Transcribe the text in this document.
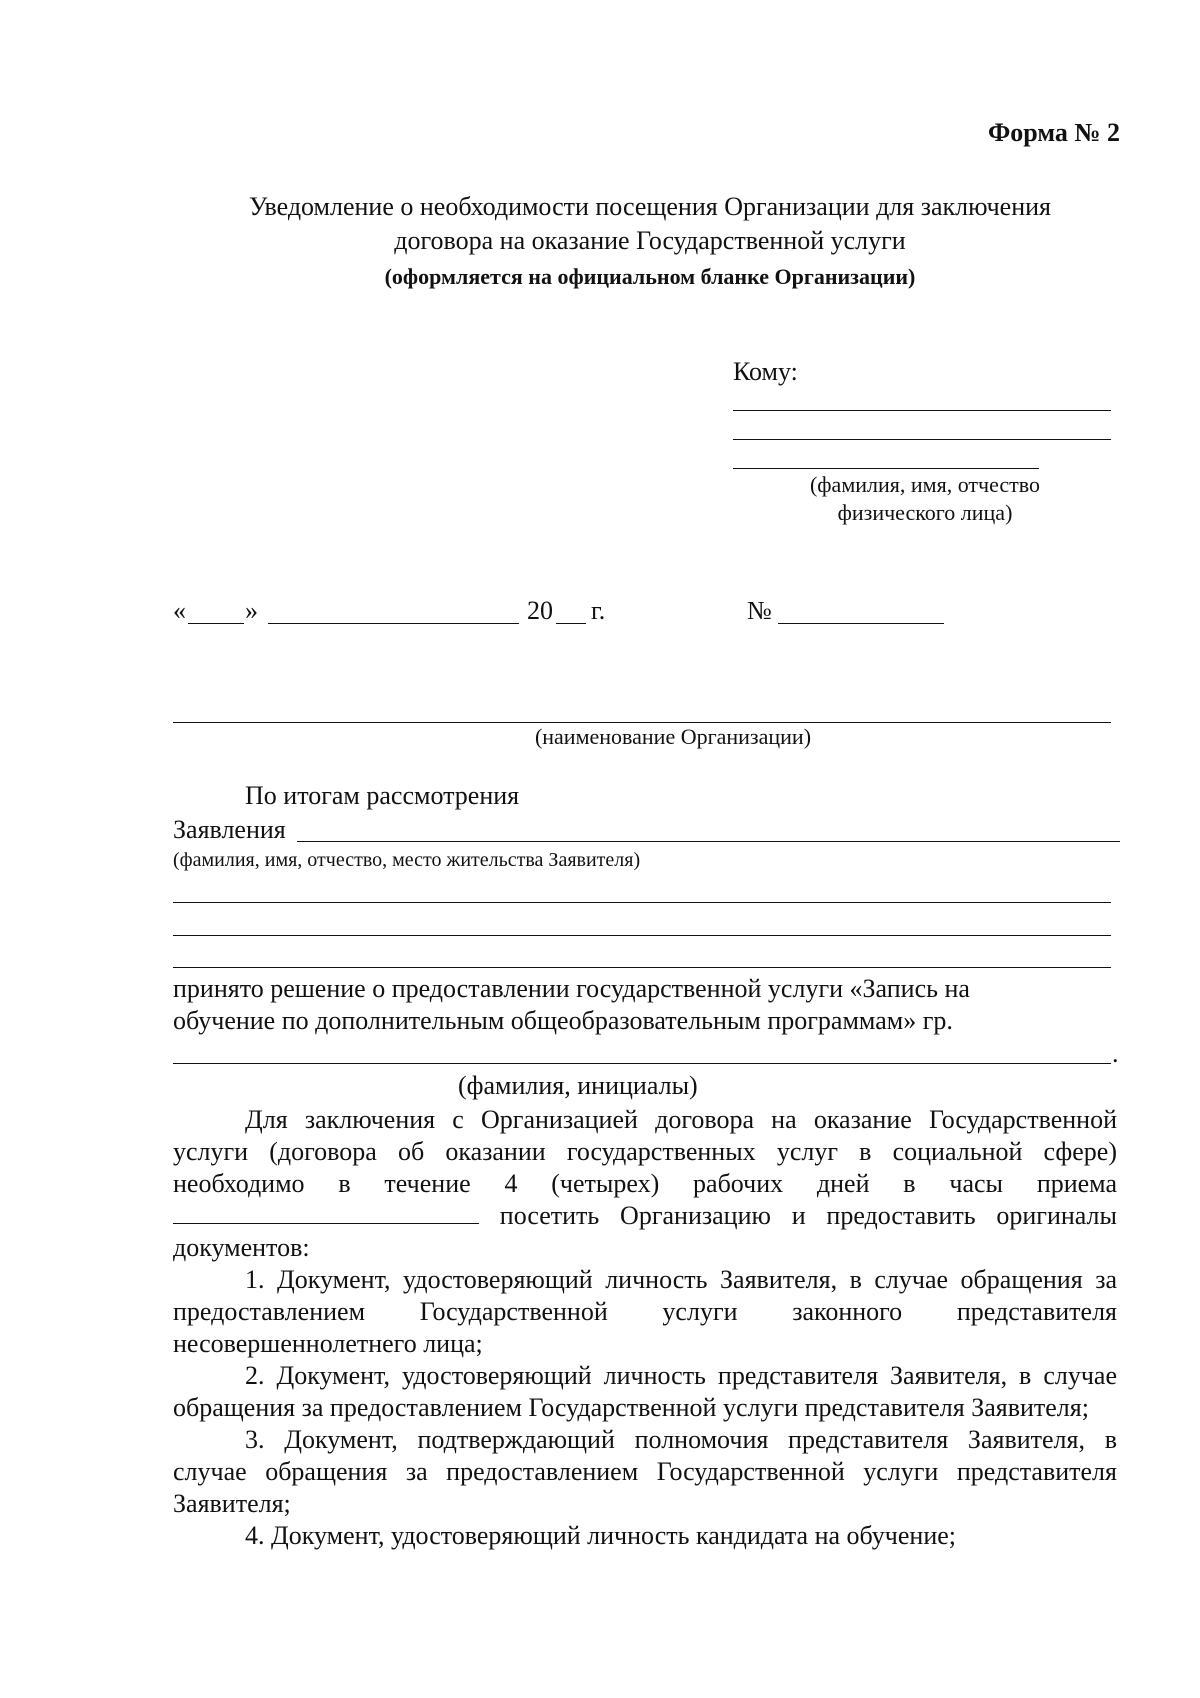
Форма № 2
Уведомление о необходимости посещения Организации для заключения
договора на оказание Государственной услуги
(оформляется на официальном бланке Организации)
Кому:
(фамилия, имя, отчество
физического лица)
« »	20 г.	№
(наименование Организации)
По итогам рассмотрения
Заявления
(фамилия, имя, отчество, место жительства Заявителя)
принято решение о предоставлении государственной услуги «Запись на
обучение по дополнительным общеобразовательным программам» гр.
.
(фамилия, инициалы)

Для заключения с Организацией договора на оказание Государственной услуги (договора об оказании государственных услуг в социальной сфере) необходимо в течение 4 (четырех) рабочих дней в часы приема посетить Организацию и предоставить оригиналы документов:

1. Документ, удостоверяющий личность Заявителя, в случае обращения за предоставлением Государственной услуги законного представителя несовершеннолетнего лица;

2. Документ, удостоверяющий личность представителя Заявителя, в случае обращения за предоставлением Государственной услуги представителя Заявителя;

3. Документ, подтверждающий полномочия представителя Заявителя, в случае обращения за предоставлением Государственной услуги представителя Заявителя;

4. Документ, удостоверяющий личность кандидата на обучение;
